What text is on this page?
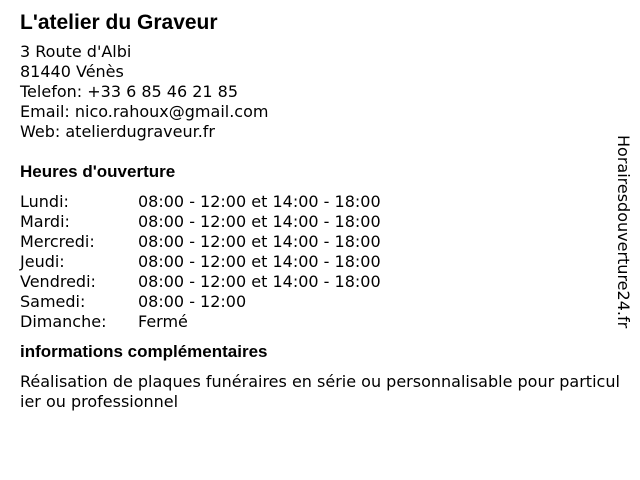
L'atelier du Graveur
3 Route d'Albi
81440 Vénès
Telefon: +33 6 85 46 21 85
Email: nico.rahoux@gmail.com
Web: atelierdugraveur.fr
Heures d'ouverture
Lundi:	08:00 - 12:00 et 14:00 - 18:00
Mardi:	08:00 - 12:00 et 14:00 - 18:00
Mercredi:	08:00 - 12:00 et 14:00 - 18:00
Jeudi:	08:00 - 12:00 et 14:00 - 18:00
Vendredi:	08:00 - 12:00 et 14:00 - 18:00
Samedi:	08:00 - 12:00
Dimanche:	Fermé
informations complémentaires
Réalisation de plaques funéraires en série ou personnalisable pour particulier ou professionnel
Horairesdouverture24.fr
